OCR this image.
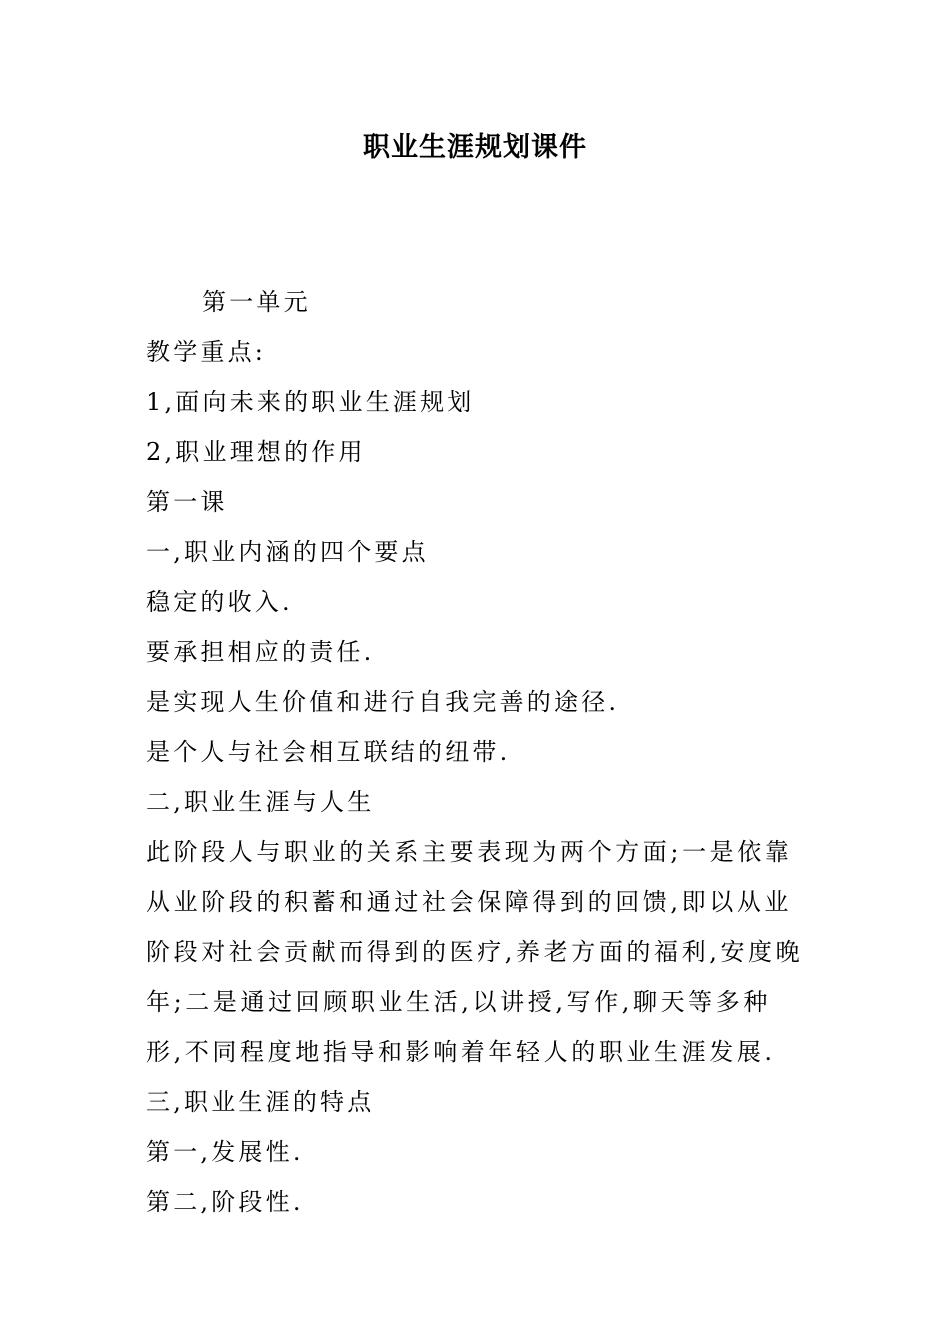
职业生涯规划课件

第一单元

教学重点:

1,面向未来的职业生涯规划

2,职业理想的作用

第一课

一,职业内涵的四个要点

稳定的收入.

要承担相应的责任.

是实现人生价值和进行自我完善的途径.

是个人与社会相互联结的纽带.

二,职业生涯与人生

此阶段人与职业的关系主要表现为两个方面;一是依靠从业阶段的积蓄和通过社会保障得到的回馈,即以从业阶段对社会贡献而得到的医疗,养老方面的福利,安度晚年;二是通过回顾职业生活,以讲授,写作,聊天等多种形,不同程度地指导和影响着年轻人的职业生涯发展.

三,职业生涯的特点

第一,发展性.

第二,阶段性.
